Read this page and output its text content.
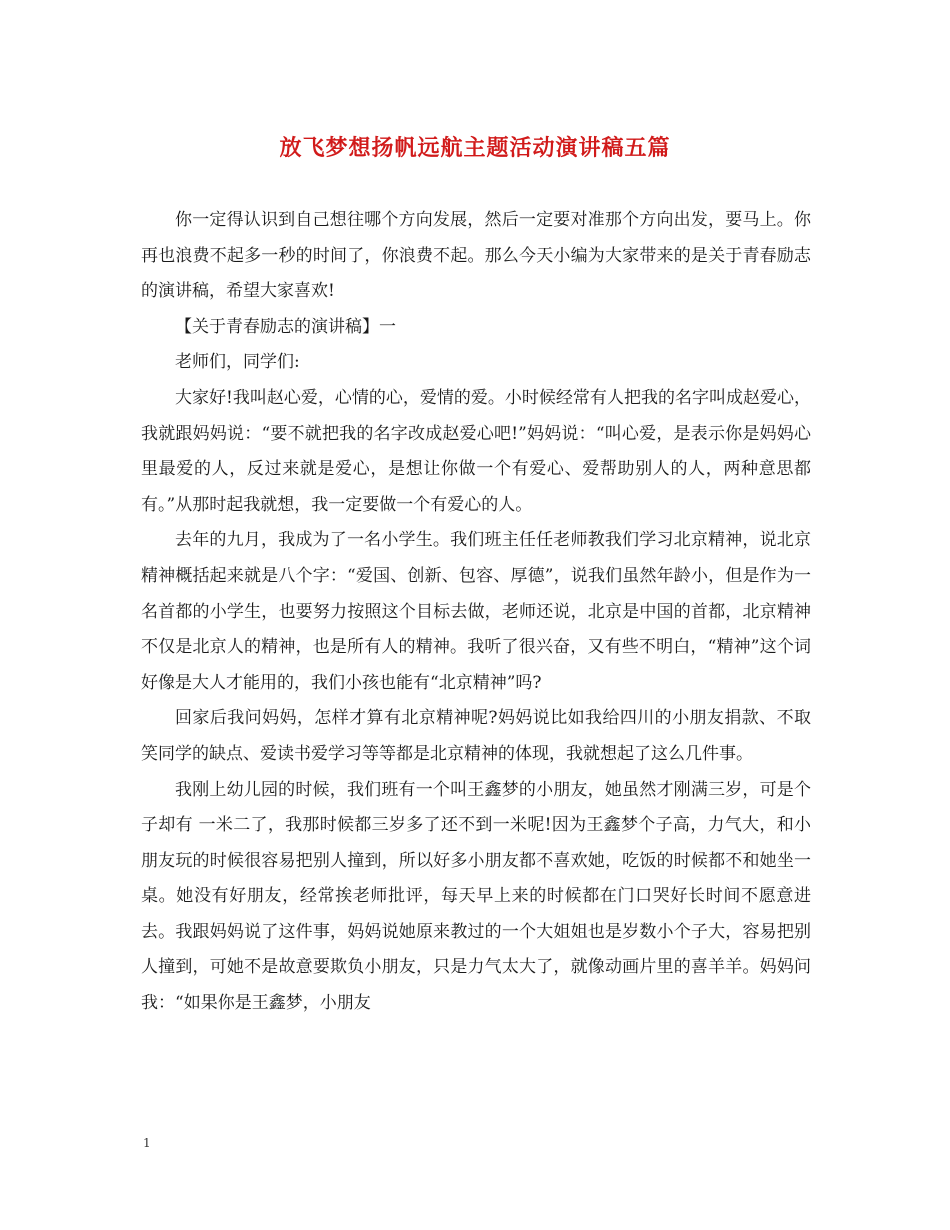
放飞梦想扬帆远航主题活动演讲稿五篇

你一定得认识到自己想往哪个方向发展，然后一定要对准那个方向出发，要马上。你再也浪费不起多一秒的时间了，你浪费不起。那么今天小编为大家带来的是关于青春励志的演讲稿，希望大家喜欢!

【关于青春励志的演讲稿】一

老师们，同学们:

大家好!我叫赵心爱，心情的心，爱情的爱。小时候经常有人把我的名字叫成赵爱心，我就跟妈妈说：“要不就把我的名字改成赵爱心吧!”妈妈说：“叫心爱，是表示你是妈妈心里最爱的人，反过来就是爱心，是想让你做一个有爱心、爱帮助别人的人，两种意思都有。”从那时起我就想，我一定要做一个有爱心的人。

去年的九月，我成为了一名小学生。我们班主任任老师教我们学习北京精神，说北京精神概括起来就是八个字：“爱国、创新、包容、厚德”，说我们虽然年龄小，但是作为一名首都的小学生，也要努力按照这个目标去做，老师还说，北京是中国的首都，北京精神不仅是北京人的精神，也是所有人的精神。我听了很兴奋，又有些不明白，“精神”这个词好像是大人才能用的，我们小孩也能有“北京精神”吗?

回家后我问妈妈，怎样才算有北京精神呢?妈妈说比如我给四川的小朋友捐款、不取笑同学的缺点、爱读书爱学习等等都是北京精神的体现，我就想起了这么几件事。

我刚上幼儿园的时候，我们班有一个叫王鑫梦的小朋友，她虽然才刚满三岁，可是个子却有 一米二了，我那时候都三岁多了还不到一米呢!因为王鑫梦个子高，力气大，和小朋友玩的时候很容易把别人撞到，所以好多小朋友都不喜欢她，吃饭的时候都不和她坐一桌。她没有好朋友，经常挨老师批评，每天早上来的时候都在门口哭好长时间不愿意进去。我跟妈妈说了这件事，妈妈说她原来教过的一个大姐姐也是岁数小个子大，容易把别人撞到，可她不是故意要欺负小朋友，只是力气太大了，就像动画片里的喜羊羊。妈妈问我：“如果你是王鑫梦，小朋友

1
